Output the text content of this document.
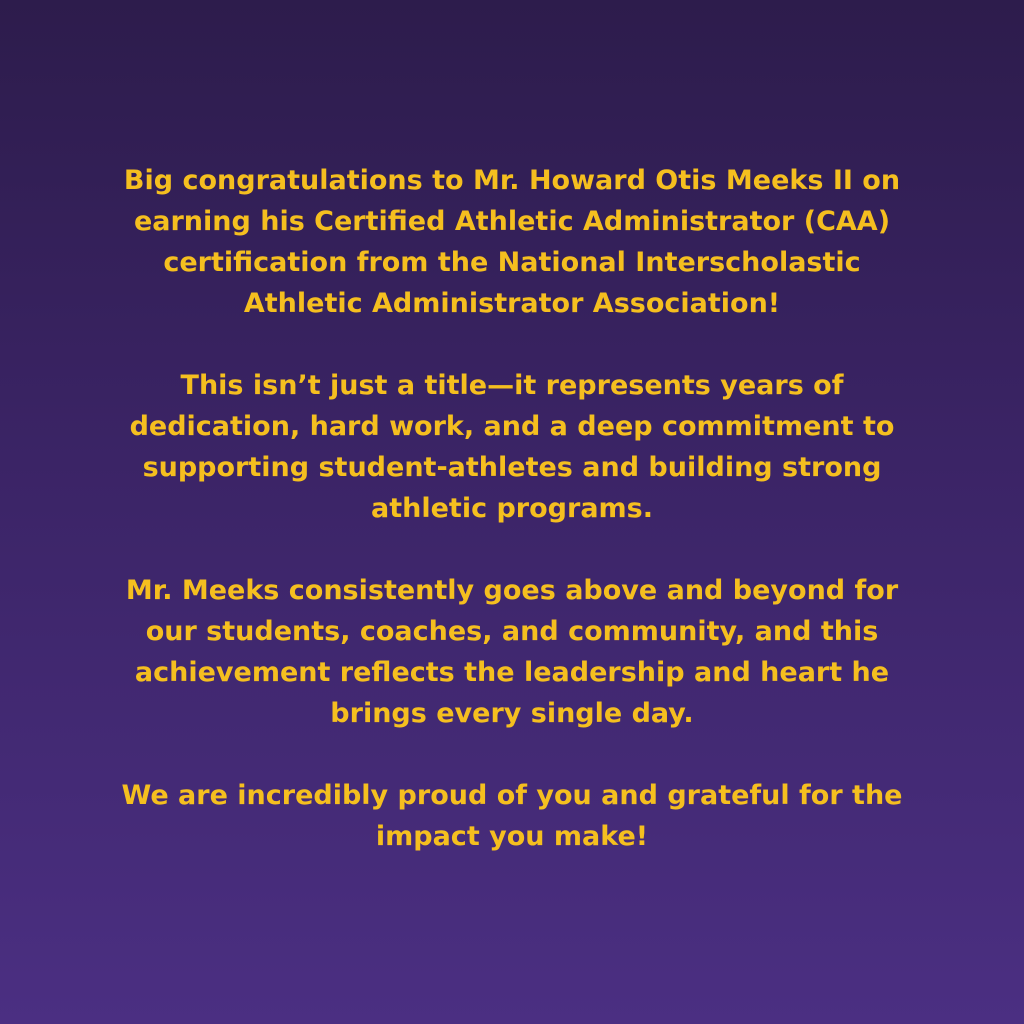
Big congratulations to Mr. Howard Otis Meeks II on
earning his Certified Athletic Administrator (CAA)
certification from the National Interscholastic
Athletic Administrator Association!

This isn’t just a title—it represents years of
dedication, hard work, and a deep commitment to
supporting student-athletes and building strong
athletic programs.

Mr. Meeks consistently goes above and beyond for
our students, coaches, and community, and this
achievement reflects the leadership and heart he
brings every single day.

We are incredibly proud of you and grateful for the
impact you make!
